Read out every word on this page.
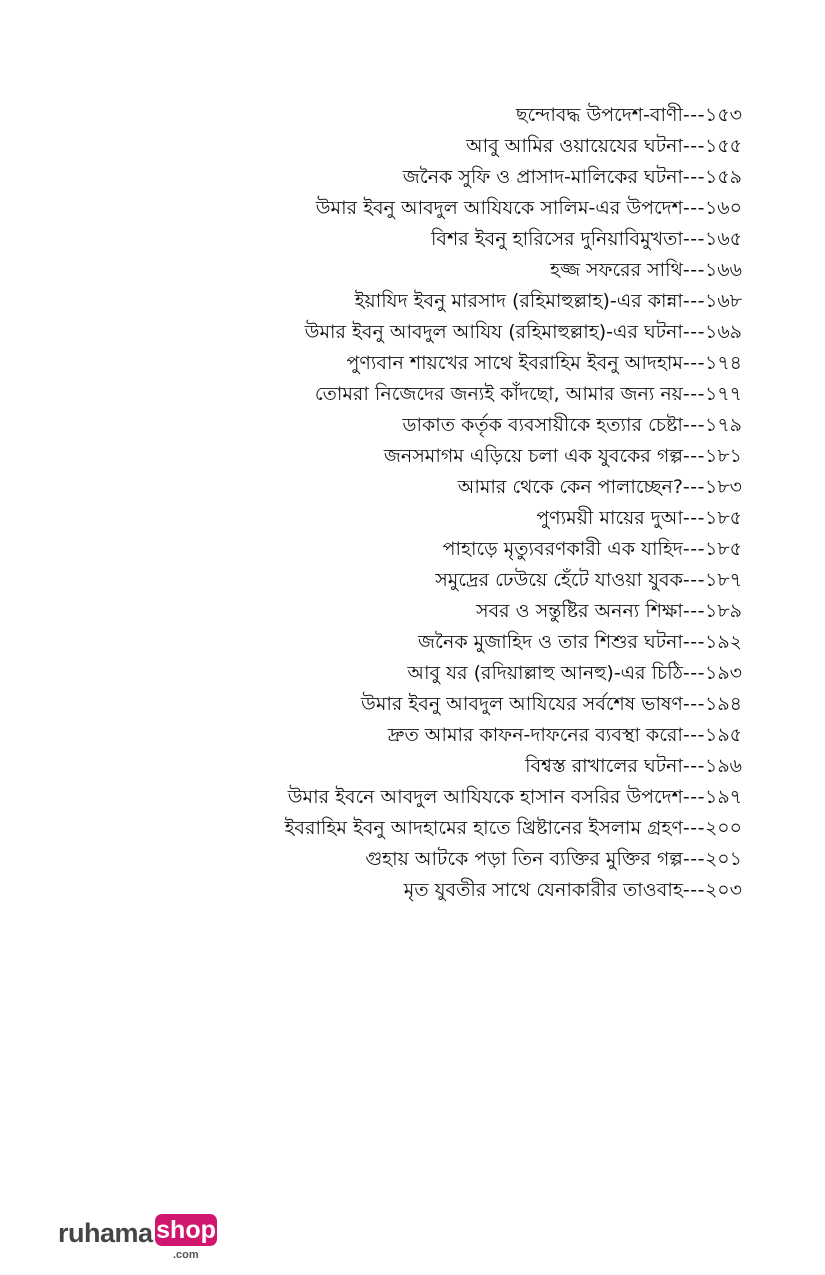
ছন্দোবদ্ধ উপদেশ-বাণী --- ১৫৩
আবু আমির ওয়ায়েযের ঘটনা --- ১৫৫
জনৈক সুফি ও প্রাসাদ-মালিকের ঘটনা --- ১৫৯
উমার ইবনু আবদুল আযিযকে সালিম-এর উপদেশ --- ১৬০
বিশর ইবনু হারিসের দুনিয়াবিমুখতা --- ১৬৫
হজ্জ সফরের সাথি --- ১৬৬
ইয়াযিদ ইবনু মারসাদ (রহিমাহুল্লাহ)-এর কান্না --- ১৬৮
উমার ইবনু আবদুল আযিয (রহিমাহুল্লাহ)-এর ঘটনা --- ১৬৯
পুণ্যবান শায়খের সাথে ইবরাহিম ইবনু আদহাম --- ১৭৪
তোমরা নিজেদের জন্যই কাঁদছো, আমার জন্য নয় --- ১৭৭
ডাকাত কর্তৃক ব্যবসায়ীকে হত্যার চেষ্টা --- ১৭৯
জনসমাগম এড়িয়ে চলা এক যুবকের গল্প --- ১৮১
আমার থেকে কেন পালাচ্ছেন? --- ১৮৩
পুণ্যময়ী মায়ের দুআ --- ১৮৫
পাহাড়ে মৃত্যুবরণকারী এক যাহিদ --- ১৮৫
সমুদ্রের ঢেউয়ে হেঁটে যাওয়া যুবক --- ১৮৭
সবর ও সন্তুষ্টির অনন্য শিক্ষা --- ১৮৯
জনৈক মুজাহিদ ও তার শিশুর ঘটনা --- ১৯২
আবু যর (রদিয়াল্লাহু আনহু)-এর চিঠি --- ১৯৩
উমার ইবনু আবদুল আযিযের সর্বশেষ ভাষণ --- ১৯৪
দ্রুত আমার কাফন-দাফনের ব্যবস্থা করো --- ১৯৫
বিশ্বস্ত রাখালের ঘটনা --- ১৯৬
উমার ইবনে আবদুল আযিযকে হাসান বসরির উপদেশ --- ১৯৭
ইবরাহিম ইবনু আদহামের হাতে খ্রিষ্টানের ইসলাম গ্রহণ --- ২০০
গুহায় আটকে পড়া তিন ব্যক্তির মুক্তির গল্প --- ২০১
মৃত যুবতীর সাথে যেনাকারীর তাওবাহ --- ২০৩
ruhama shop
.com
